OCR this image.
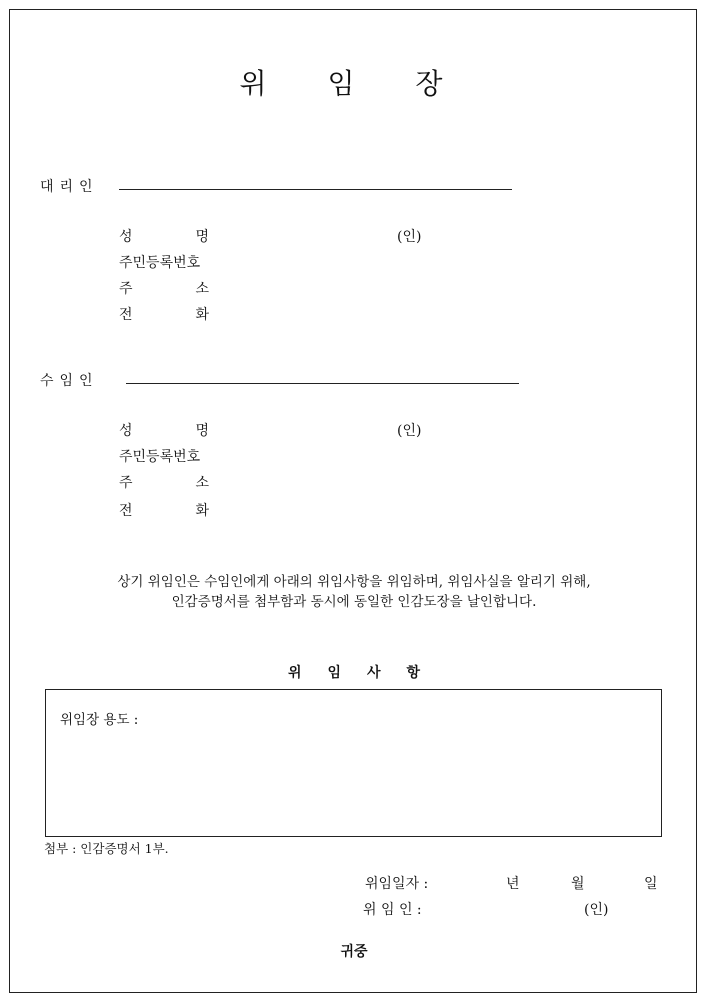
위 임 장
대리인
성	명	(인)
주민등록번호
주	소
전	화
수임인
성	명	(인)
주민등록번호
주	소
전	화
상기 위임인은 수임인에게 아래의 위임사항을 위임하며, 위임사실을 알리기 위해,
인감증명서를 첨부함과 동시에 동일한 인감도장을 날인합니다.
위임사항
위임장 용도 :
첨부 : 인감증명서 1부.
위임일자 :	년	월	일
위 임 인 :	(인)
귀중
